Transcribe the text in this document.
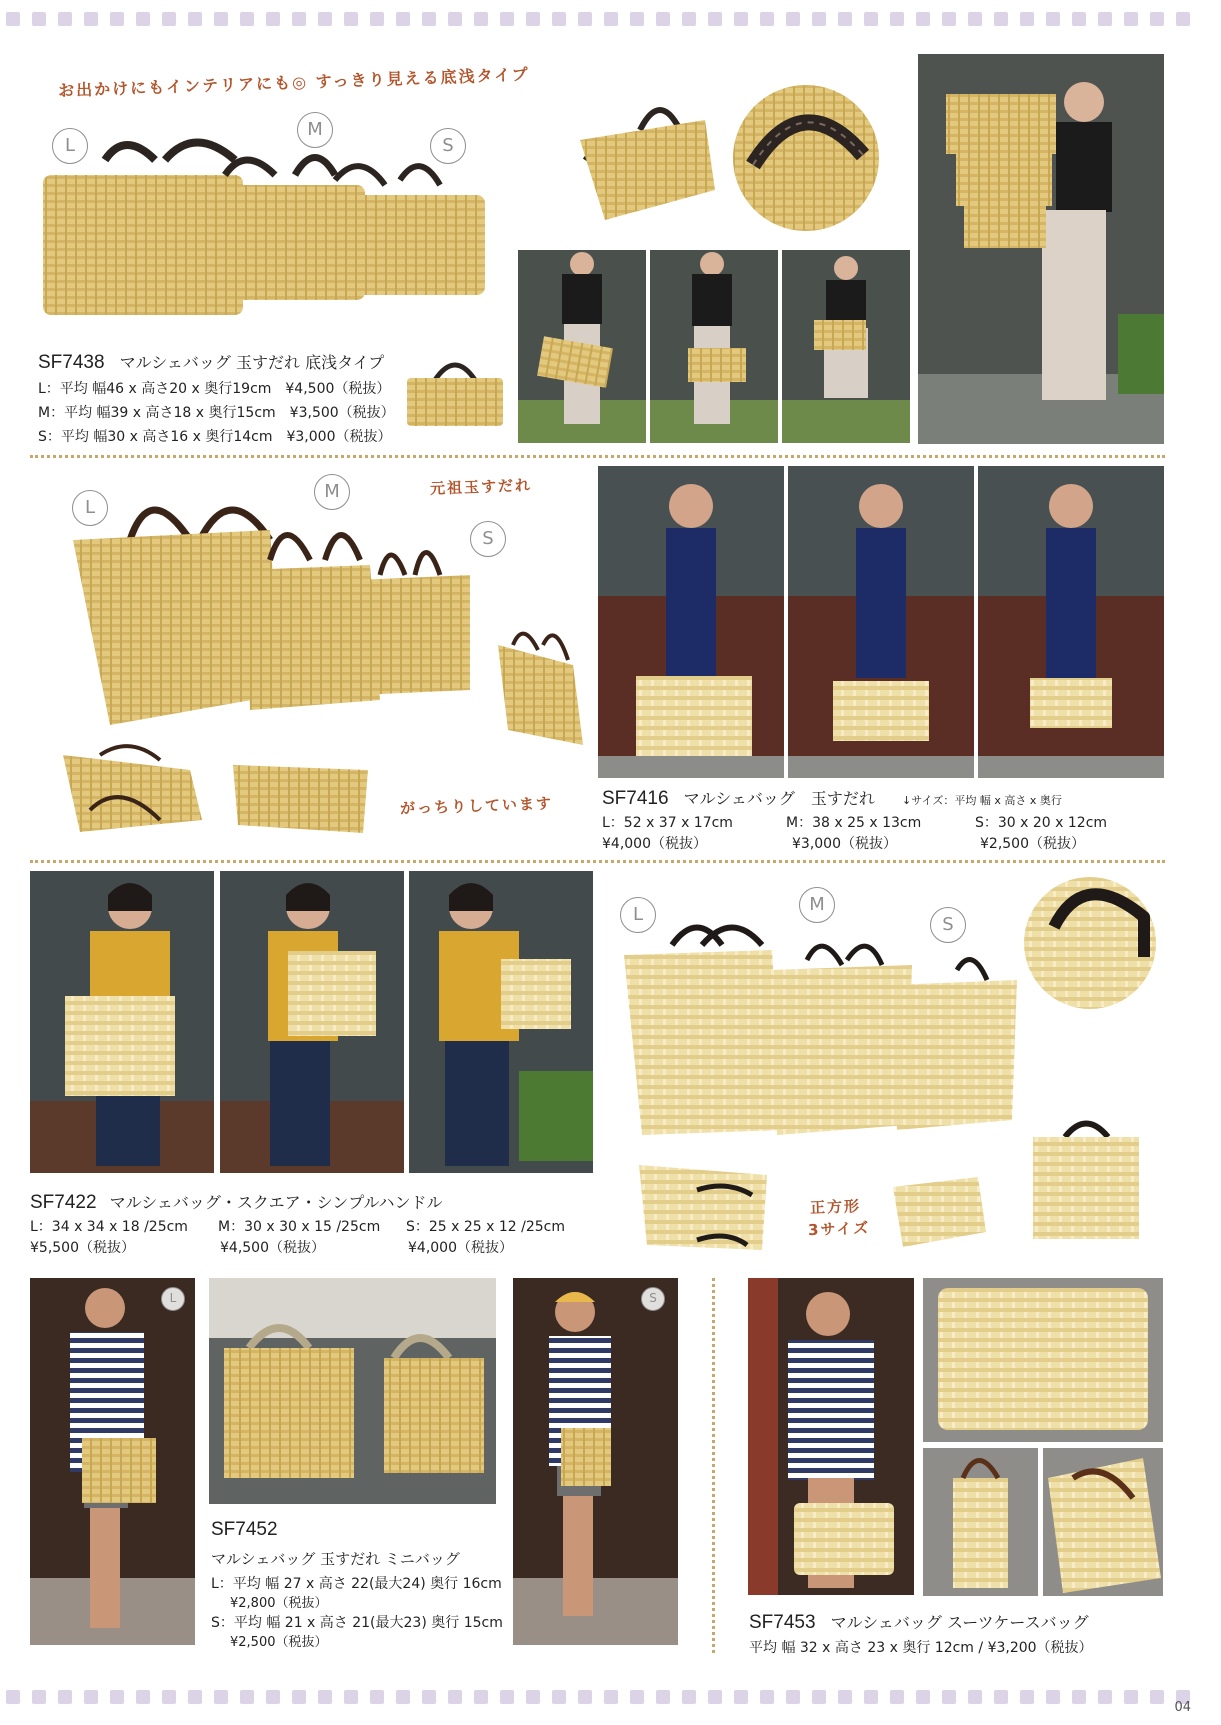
お出かけにもインテリアにも◎ すっきり見える底浅タイプ
L
M
S
SF7438 マルシェバッグ 玉すだれ 底浅タイプ
L：平均 幅46 x 高さ20 x 奥行19cm　¥4,500（税抜）
M：平均 幅39 x 高さ18 x 奥行15cm　¥3,500（税抜）
S：平均 幅30 x 高さ16 x 奥行14cm　¥3,000（税抜）
元祖玉すだれ
L
M
S
がっちりしています	SF7416 マルシェバッグ　玉すだれ ↓サイズ：平均 幅 x 高さ x 奥行
L：52 x 37 x 17cm	M：38 x 25 x 13cm	S：30 x 20 x 12cm
¥4,000（税抜）	¥3,000（税抜）	¥2,500（税抜）
L	M
S
正方形
3サイズ
SF7422 マルシェバッグ・スクエア・シンプルハンドル
L：34 x 34 x 18 /25cm M：30 x 30 x 15 /25cm S：25 x 25 x 12 /25cm
¥5,500（税抜）	¥4,500（税抜）	¥4,000（税抜）
L
SF7452
マルシェバッグ 玉すだれ ミニバッグ
L：平均 幅 27 x 高さ 22(最大24) 奥行 16cm
¥2,800（税抜）
S：平均 幅 21 x 高さ 21(最大23) 奥行 15cm
¥2,500（税抜）
S
SF7453 マルシェバッグ スーツケースバッグ
平均 幅 32 x 高さ 23 x 奥行 12cm / ¥3,200（税抜）
04
